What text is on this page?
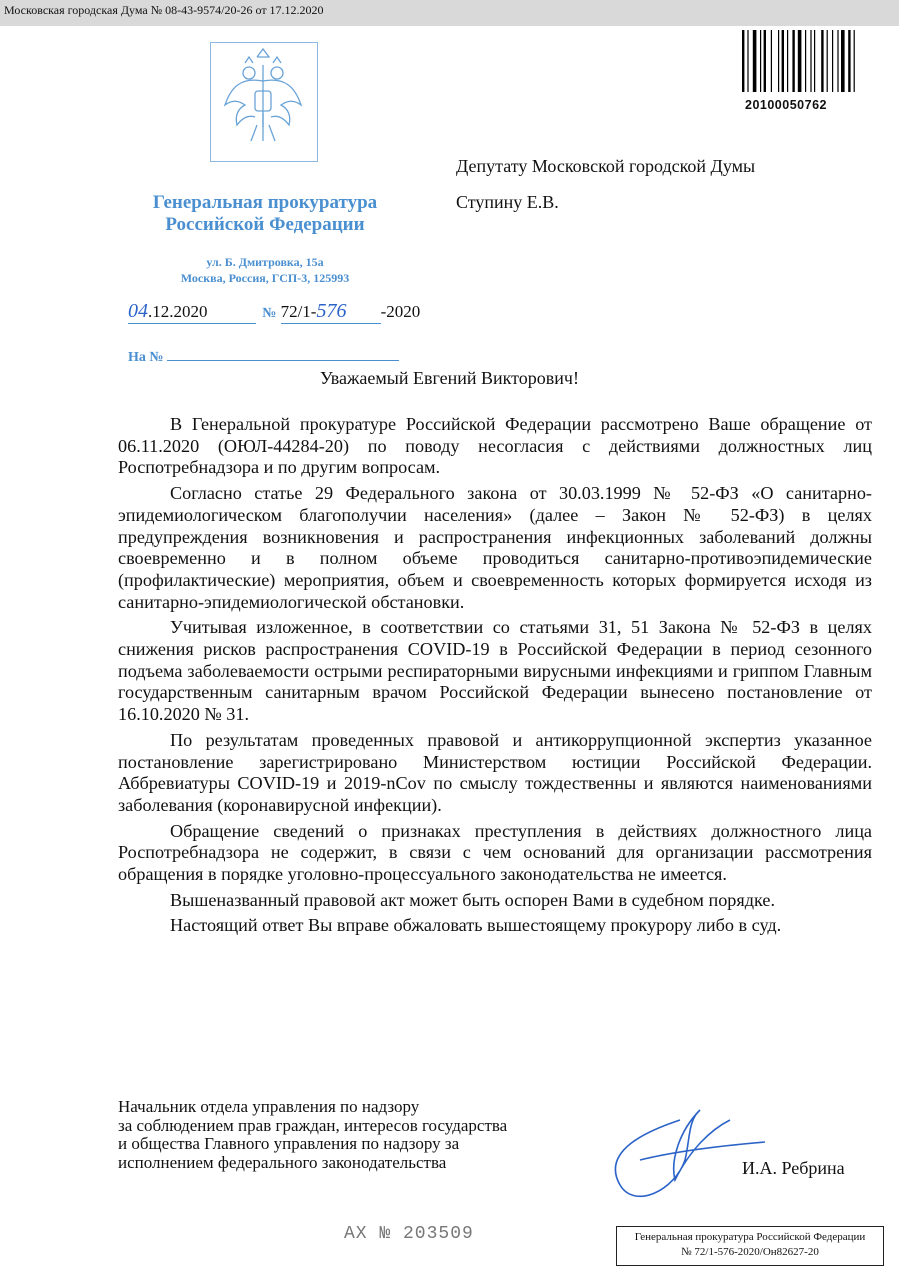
Московская городская Дума № 08-43-9574/20-26 от 17.12.2020
20100050762
Генеральная прокуратура
Российской Федерации
ул. Б. Дмитровка, 15а
Москва, Россия, ГСП-3, 125993
04.12.2020	№ 72/1-576 -2020
На №
Депутату Московской городской Думы
Ступину Е.В.
Уважаемый Евгений Викторович!

В Генеральной прокуратуре Российской Федерации рассмотрено Ваше обращение от 06.11.2020 (ОЮЛ-44284-20) по поводу несогласия с действиями должностных лиц Роспотребнадзора и по другим вопросам.

Согласно статье 29 Федерального закона от 30.03.1999 № 52-ФЗ «О санитарно-эпидемиологическом благополучии населения» (далее – Закон № 52-ФЗ) в целях предупреждения возникновения и распространения инфекционных заболеваний должны своевременно и в полном объеме проводиться санитарно-противоэпидемические (профилактические) мероприятия, объем и своевременность которых формируется исходя из санитарно-эпидемиологической обстановки.

Учитывая изложенное, в соответствии со статьями 31, 51 Закона № 52-ФЗ в целях снижения рисков распространения COVID-19 в Российской Федерации в период сезонного подъема заболеваемости острыми респираторными вирусными инфекциями и гриппом Главным государственным санитарным врачом Российской Федерации вынесено постановление от 16.10.2020 № 31.

По результатам проведенных правовой и антикоррупционной экспертиз указанное постановление зарегистрировано Министерством юстиции Российской Федерации. Аббревиатуры COVID-19 и 2019-nCov по смыслу тождественны и являются наименованиями заболевания (коронавирусной инфекции).

Обращение сведений о признаках преступления в действиях должностного лица Роспотребнадзора не содержит, в связи с чем оснований для организации рассмотрения обращения в порядке уголовно-процессуального законодательства не имеется.

Вышеназванный правовой акт может быть оспорен Вами в судебном порядке.

Настоящий ответ Вы вправе обжаловать вышестоящему прокурору либо в суд.

Начальник отдела управления по надзору
за соблюдением прав граждан, интересов государства
и общества Главного управления по надзору за
исполнением федерального законодательства	И.А. Ребрина
АХ № 203509	Генеральная прокуратура Российской Федерации
№ 72/1-576-2020/Он82627-20
